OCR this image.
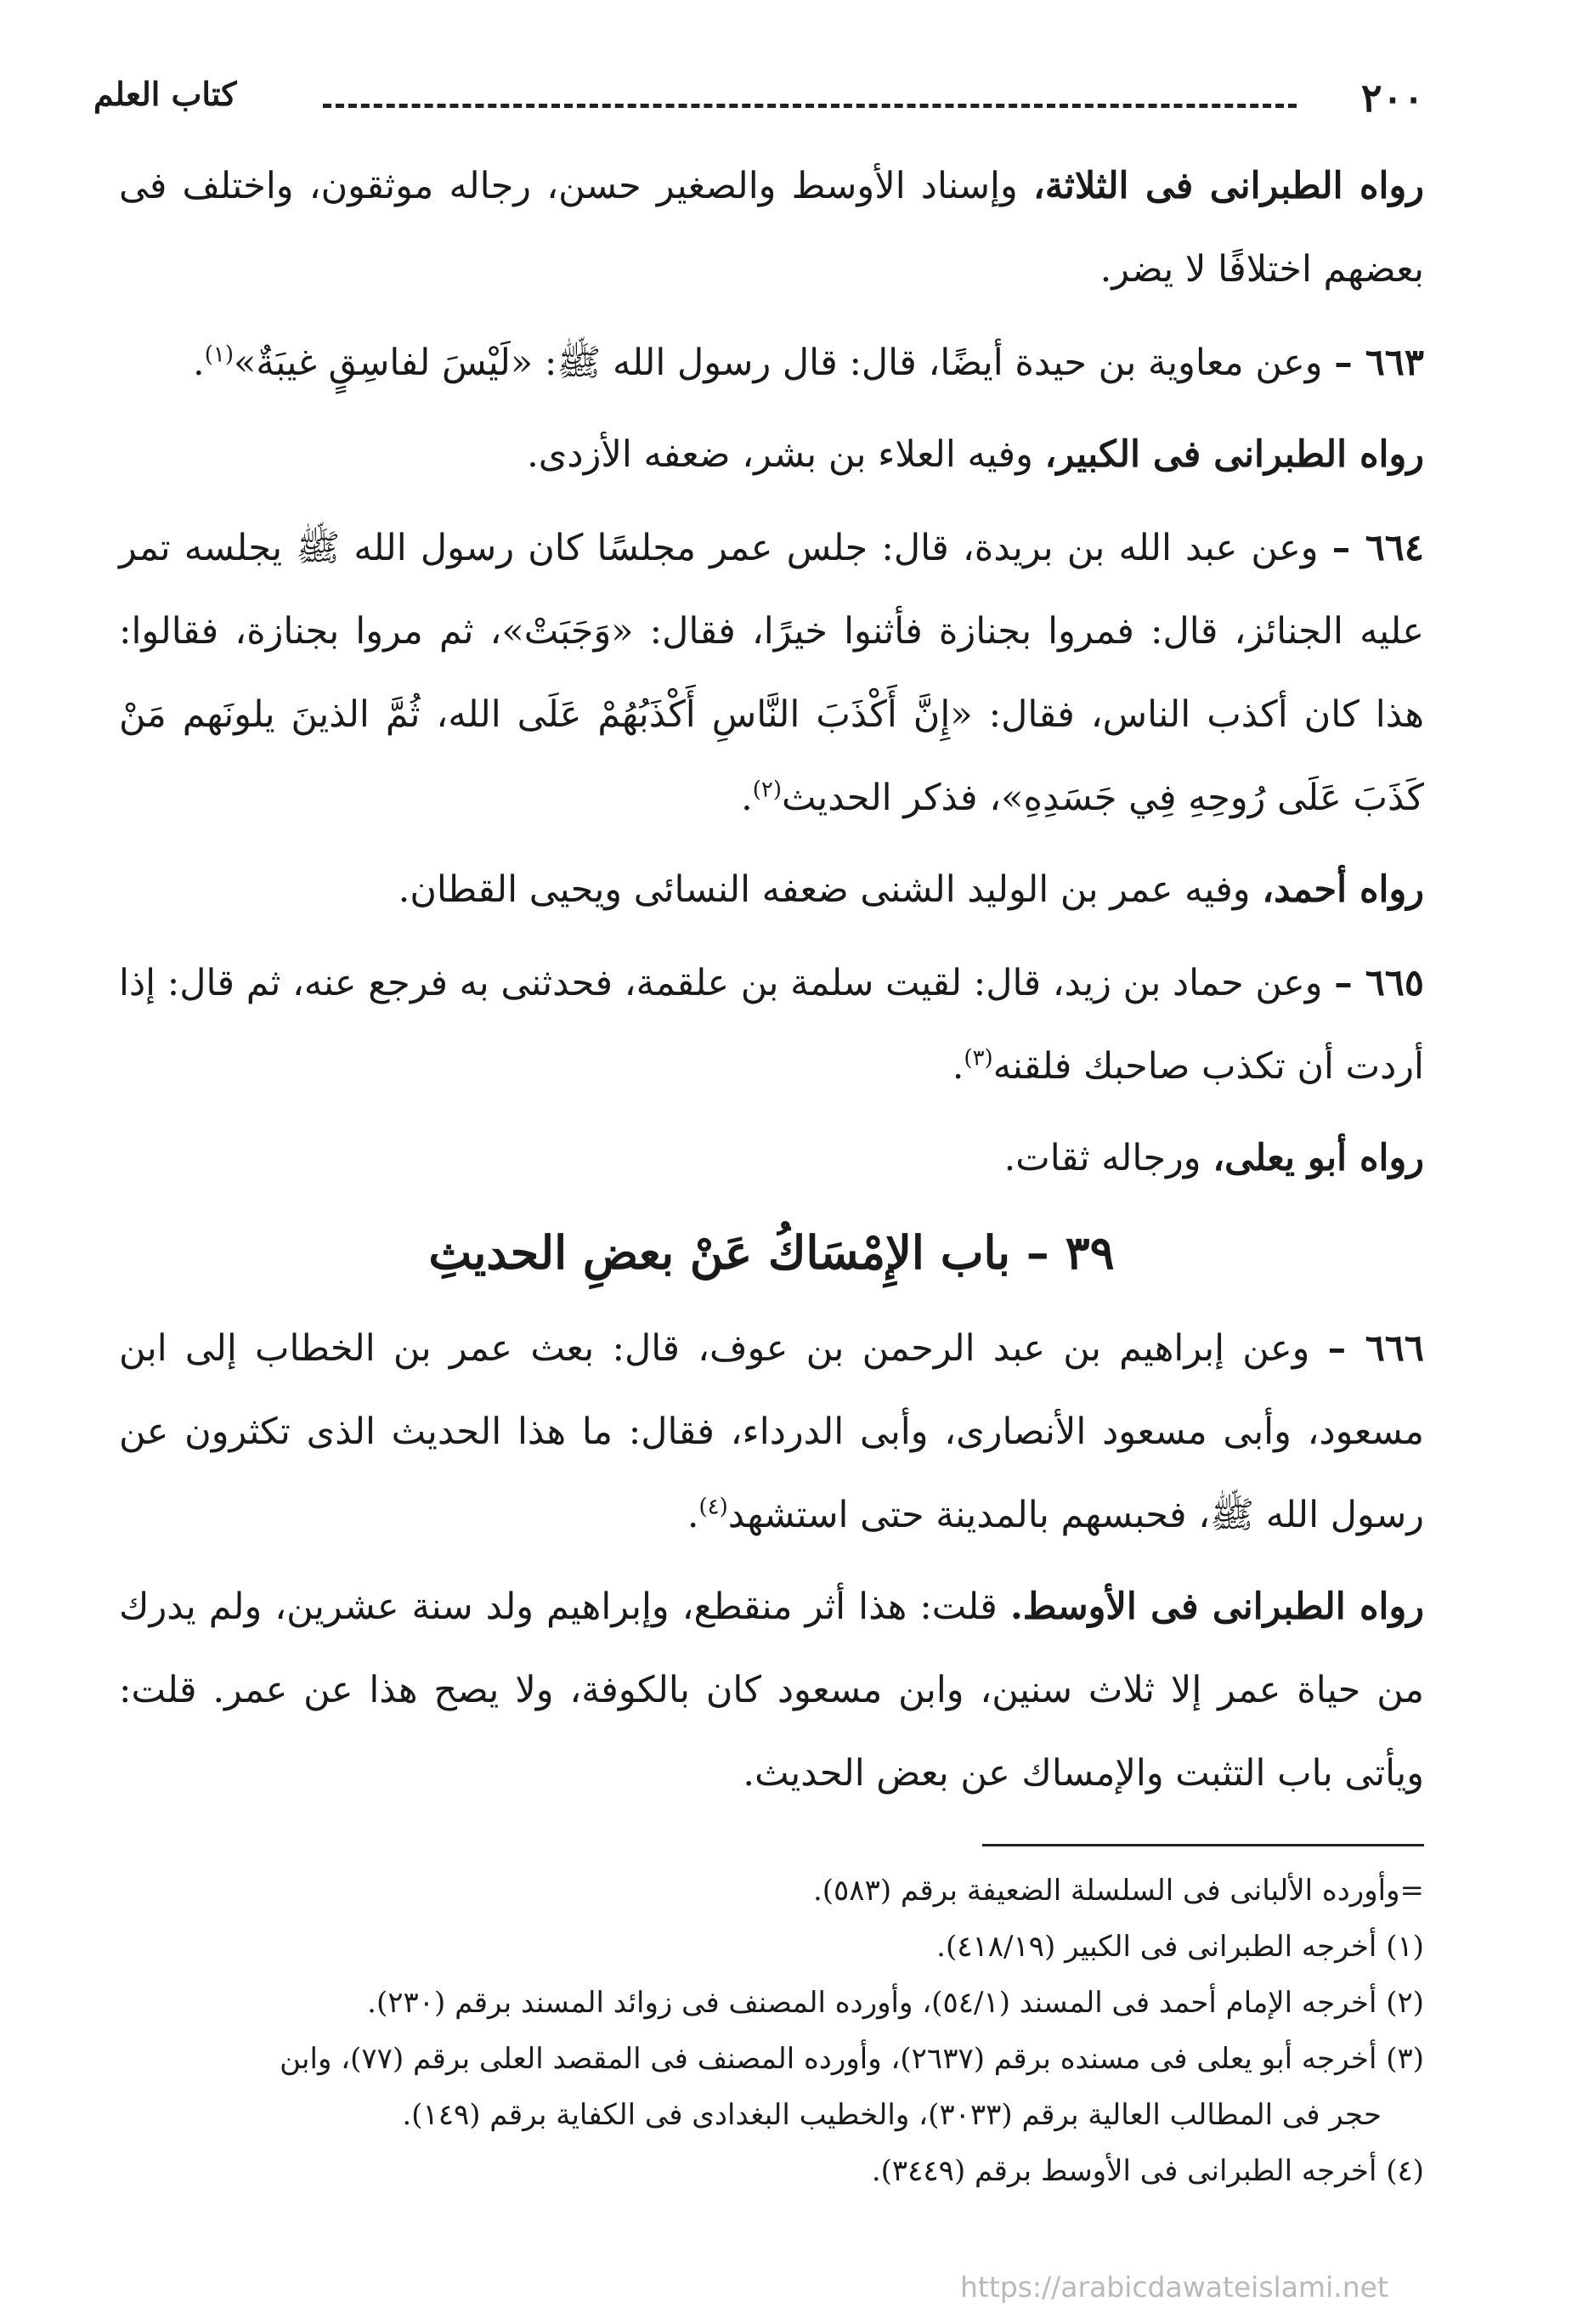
٢٠٠
كتاب العلم

رواه الطبرانى فى الثلاثة، وإسناد الأوسط والصغير حسن، رجاله موثقون، واختلف فى بعضهم اختلافًا لا يضر.

٦٦٣ – وعن معاوية بن حيدة أيضًا، قال: قال رسول الله ﷺ: «لَيْسَ لفاسِقٍ غيبَةٌ»$^{(١)}$.

رواه الطبرانى فى الكبير، وفيه العلاء بن بشر، ضعفه الأزدى.

٦٦٤ – وعن عبد الله بن بريدة، قال: جلس عمر مجلسًا كان رسول الله ﷺ يجلسه تمر عليه الجنائز، قال: فمروا بجنازة فأثنوا خيرًا، فقال: «وَجَبَتْ»، ثم مروا بجنازة، فقالوا: هذا كان أكذب الناس، فقال: «إِنَّ أَكْذَبَ النَّاسِ أَكْذَبُهُمْ عَلَى الله، ثُمَّ الذينَ يلونَهم مَنْ كَذَبَ عَلَى رُوحِهِ فِي جَسَدِهِ»، فذكر الحديث$^{(٢)}$.

رواه أحمد، وفيه عمر بن الوليد الشنى ضعفه النسائى ويحيى القطان.

٦٦٥ – وعن حماد بن زيد، قال: لقيت سلمة بن علقمة، فحدثنى به فرجع عنه، ثم قال: إذا أردت أن تكذب صاحبك فلقنه$^{(٣)}$.

رواه أبو يعلى، ورجاله ثقات.

٣٩ – باب الإِمْسَاكُ عَنْ بعضِ الحديثِ

٦٦٦ – وعن إبراهيم بن عبد الرحمن بن عوف، قال: بعث عمر بن الخطاب إلى ابن مسعود، وأبى مسعود الأنصارى، وأبى الدرداء، فقال: ما هذا الحديث الذى تكثرون عن رسول الله ﷺ، فحبسهم بالمدينة حتى استشهد$^{(٤)}$.

رواه الطبرانى فى الأوسط. قلت: هذا أثر منقطع، وإبراهيم ولد سنة عشرين، ولم يدرك من حياة عمر إلا ثلاث سنين، وابن مسعود كان بالكوفة، ولا يصح هذا عن عمر. قلت: ويأتى باب التثبت والإمساك عن بعض الحديث.

=وأورده الألبانى فى السلسلة الضعيفة برقم (٥٨٣).

(١) أخرجه الطبرانى فى الكبير (٤١٨/١٩).

(٢) أخرجه الإمام أحمد فى المسند (٥٤/١)، وأورده المصنف فى زوائد المسند برقم (٢٣٠).

(٣) أخرجه أبو يعلى فى مسنده برقم (٢٦٣٧)، وأورده المصنف فى المقصد العلى برقم (٧٧)، وابن

حجر فى المطالب العالية برقم (٣٠٣٣)، والخطيب البغدادى فى الكفاية برقم (١٤٩).

(٤) أخرجه الطبرانى فى الأوسط برقم (٣٤٤٩).

https://arabicdawateislami.net
